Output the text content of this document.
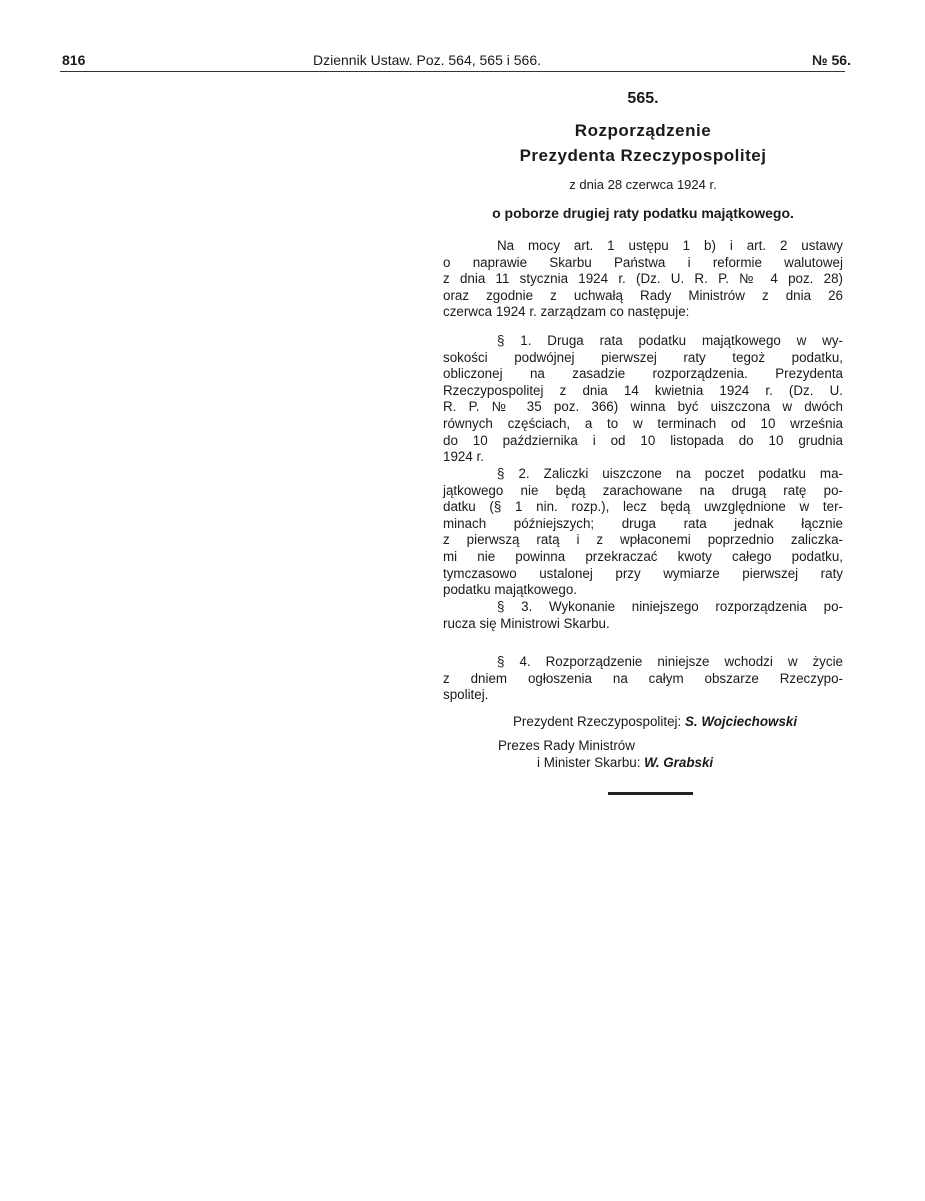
816	Dziennik Ustaw. Poz. 564, 565 i 566.	№ 56.
565.
Rozporządzenie
Prezydenta Rzeczypospolitej
z dnia 28 czerwca 1924 r.
o poborze drugiej raty podatku majątkowego.
Na mocy art. 1 ustępu 1 b) i art. 2 ustawy
o naprawie Skarbu Państwa i reformie walutowej
z dnia 11 stycznia 1924 r. (Dz. U. R. P. № 4 poz. 28)
oraz zgodnie z uchwałą Rady Ministrów z dnia 26
czerwca 1924 r. zarządzam co następuje:
§ 1. Druga rata podatku majątkowego w wy-
sokości podwójnej pierwszej raty tegoż podatku,
obliczonej na zasadzie rozporządzenia. Prezydenta
Rzeczypospolitej z dnia 14 kwietnia 1924 r. (Dz. U.
R. P. № 35 poz. 366) winna być uiszczona w dwóch
równych częściach, a to w terminach od 10 września
do 10 października i od 10 listopada do 10 grudnia
1924 r.
§ 2. Zaliczki uiszczone na poczet podatku ma-
jątkowego nie będą zarachowane na drugą ratę po-
datku (§ 1 nin. rozp.), lecz będą uwzględnione w ter-
minach późniejszych; druga rata jednak łącznie
z pierwszą ratą i z wpłaconemi poprzednio zaliczka-
mi nie powinna przekraczać kwoty całego podatku,
tymczasowo ustalonej przy wymiarze pierwszej raty
podatku majątkowego.
§ 3. Wykonanie niniejszego rozporządzenia po-
rucza się Ministrowi Skarbu.
§ 4. Rozporządzenie niniejsze wchodzi w życie
z dniem ogłoszenia na całym obszarze Rzeczypo-
spolitej.
Prezydent Rzeczypospolitej: S. Wojciechowski
Prezes Rady Ministrów
i Minister Skarbu: W. Grabski
